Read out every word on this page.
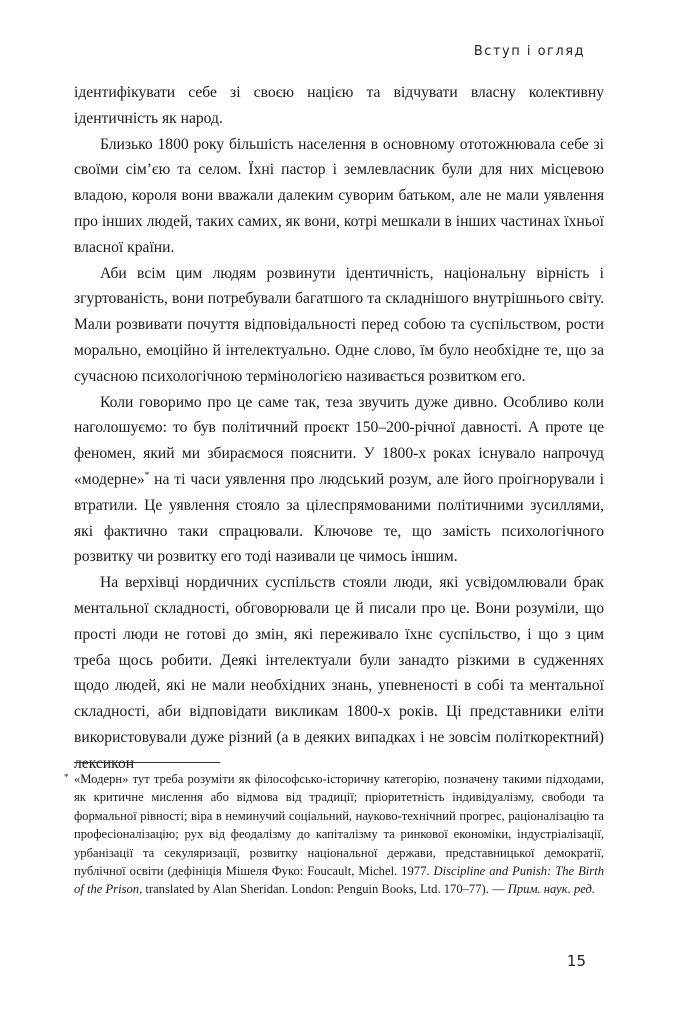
Вступ і огляд

ідентифікувати себе зі своєю нацією та відчувати власну колективну ідентичність як народ.

Близько 1800 року більшість населення в основному ототожнювала себе зі своїми сім’єю та селом. Їхні пастор і землевласник були для них місцевою владою, короля вони вважали далеким суворим батьком, але не мали уявлення про інших людей, таких самих, як вони, котрі мешкали в інших частинах їхньої власної країни.

Аби всім цим людям розвинути ідентичність, національну вірність і згуртованість, вони потребували багатшого та складнішого внутрішнього світу. Мали розвивати почуття відповідальності перед собою та суспільством, рости морально, емоційно й інтелектуально. Одне слово, їм було необхідне те, що за сучасною психологічною термінологією називається розвитком его.

Коли говоримо про це саме так, теза звучить дуже дивно. Особливо коли наголошуємо: то був політичний проєкт 150–200-річної давності. А проте це феномен, який ми збираємося пояснити. У 1800-х роках існувало напрочуд «модерне»* на ті часи уявлення про людський розум, але його проігнорували і втратили. Це уявлення стояло за цілеспрямованими політичними зусиллями, які фактично таки спрацювали. Ключове те, що замість психологічного розвитку чи розвитку его тоді називали це чимось іншим.

На верхівці нордичних суспільств стояли люди, які усвідомлювали брак ментальної складності, обговорювали це й писали про це. Вони розуміли, що прості люди не готові до змін, які переживало їхнє суспільство, і що з цим треба щось робити. Деякі інтелектуали були занадто різкими в судженнях щодо людей, які не мали необхідних знань, упевненості в собі та ментальної складності, аби відповідати викликам 1800-х років. Ці представники еліти використовували дуже різний (а в деяких випадках і не зовсім політкоректний) лексикон

* «Модерн» тут треба розуміти як філософсько-історичну категорію, позначену такими підходами, як критичне мислення або відмова від традиції; пріоритетність індивідуалізму, свободи та формальної рівності; віра в неминучий соціальний, науково-технічний прогрес, раціоналізацію та професіоналізацію; рух від феодалізму до капіталізму та ринкової економіки, індустріалізації, урбанізації та секуляризації, розвитку національної держави, представницької демократії, публічної освіти (дефініція Мішеля Фуко: Foucault, Michel. 1977. Discipline and Punish: The Birth of the Prison, translated by Alan Sheridan. London: Penguin Books, Ltd. 170–77). — Прим. наук. ред.

15
